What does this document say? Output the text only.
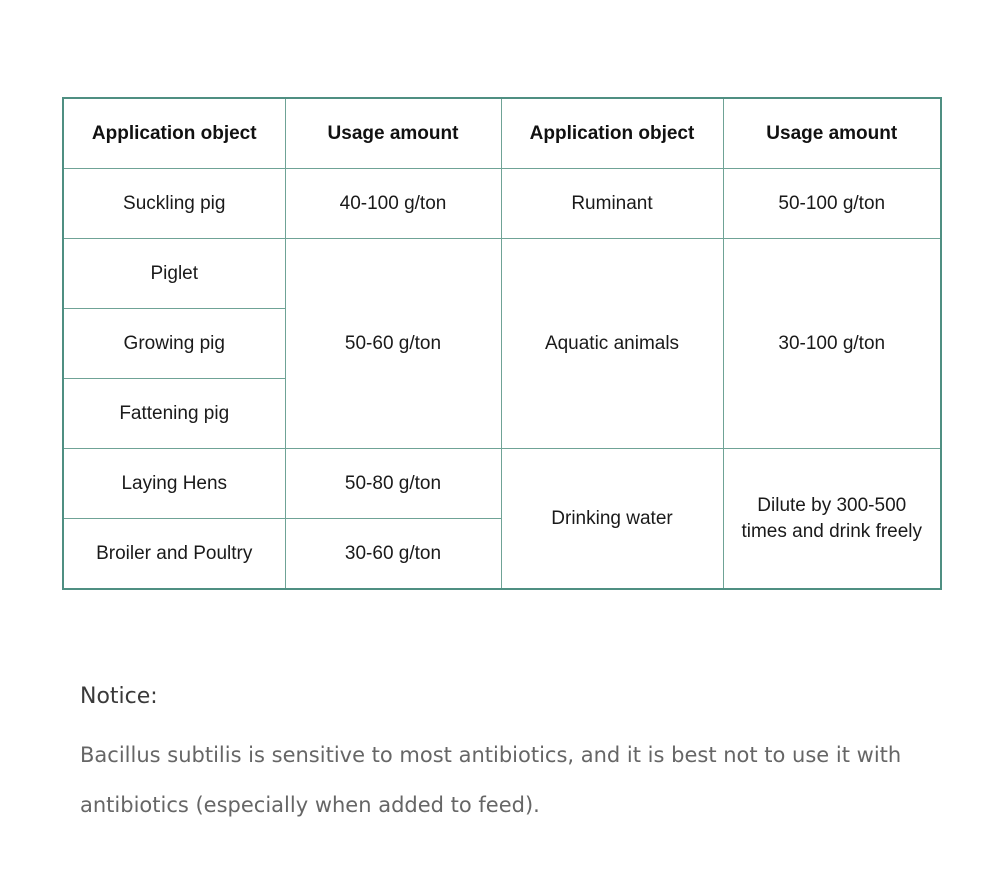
Application object	Usage amount	Application object	Usage amount
Suckling pig	40-100 g/ton	Ruminant	50-100 g/ton
Piglet	50-60 g/ton	Aquatic animals	30-100 g/ton
Growing pig			
Fattening pig			
Laying Hens	50-80 g/ton	Drinking water	Dilute by 300-500
times and drink freely
Broiler and Poultry	30-60 g/ton		
Notice:
Bacillus subtilis is sensitive to most antibiotics, and it is best not to use it with antibiotics (especially when added to feed).
